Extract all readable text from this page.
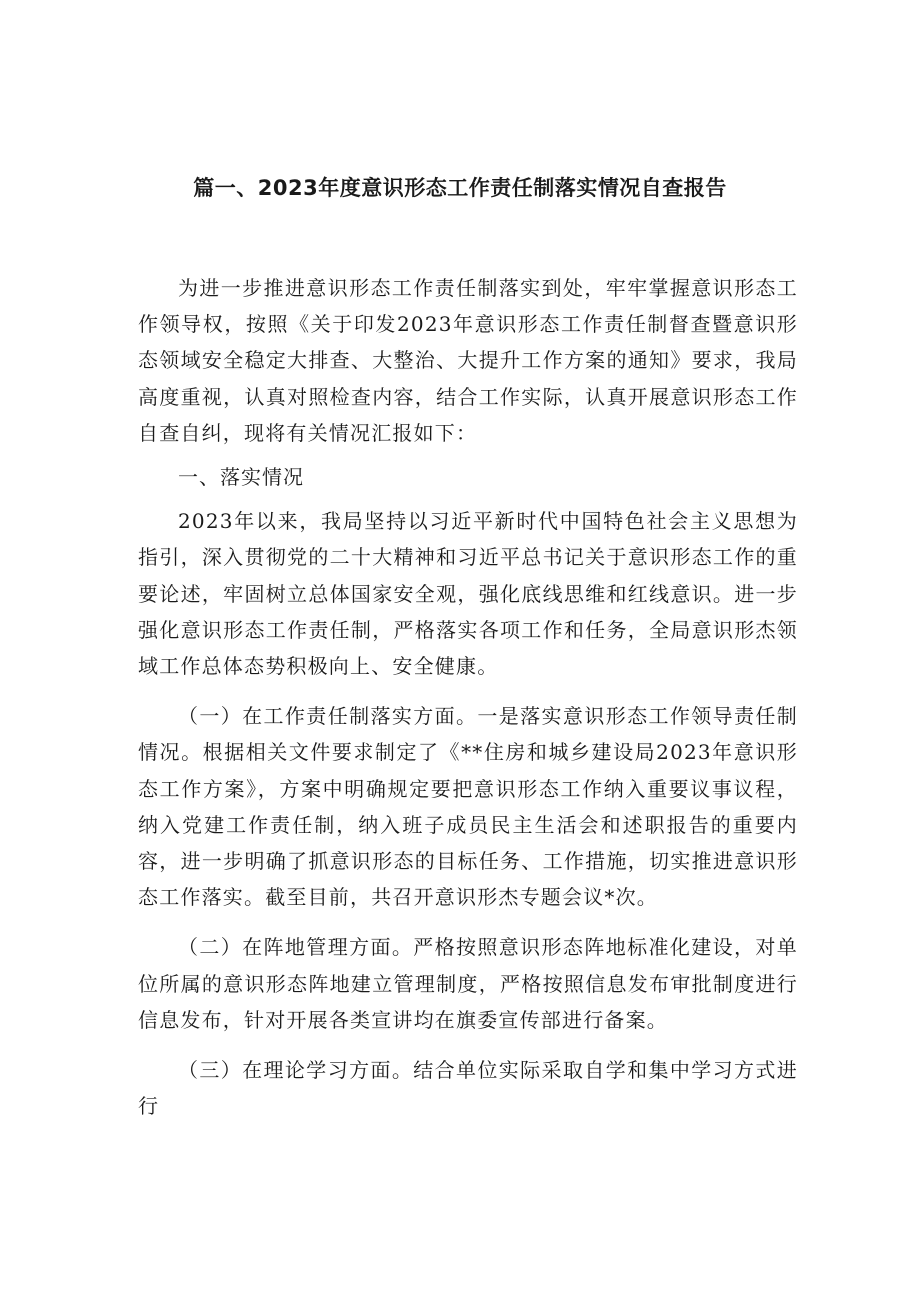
篇一、2023年度意识形态工作责任制落实情况自查报告

为进一步推进意识形态工作责任制落实到处，牢牢掌握意识形态工作领导权，按照《关于印发2023年意识形态工作责任制督查暨意识形态领域安全稳定大排查、大整治、大提升工作方案的通知》要求，我局高度重视，认真对照检查内容，结合工作实际，认真开展意识形态工作自查自纠，现将有关情况汇报如下：

一、落实情况

2023年以来，我局坚持以习近平新时代中国特色社会主义思想为指引，深入贯彻党的二十大精神和习近平总书记关于意识形态工作的重要论述，牢固树立总体国家安全观，强化底线思维和红线意识。进一步强化意识形态工作责任制，严格落实各项工作和任务，全局意识形杰领域工作总体态势积极向上、安全健康。

（一）在工作责任制落实方面。一是落实意识形态工作领导责任制情况。根据相关文件要求制定了《**住房和城乡建设局2023年意识形态工作方案》，方案中明确规定要把意识形态工作纳入重要议事议程，纳入党建工作责任制，纳入班子成员民主生活会和述职报告的重要内容，进一步明确了抓意识形态的目标任务、工作措施，切实推进意识形态工作落实。截至目前，共召开意识形杰专题会议*次。

（二）在阵地管理方面。严格按照意识形态阵地标准化建设，对单位所属的意识形态阵地建立管理制度，严格按照信息发布审批制度进行信息发布，针对开展各类宣讲均在旗委宣传部进行备案。

（三）在理论学习方面。结合单位实际采取自学和集中学习方式进行
